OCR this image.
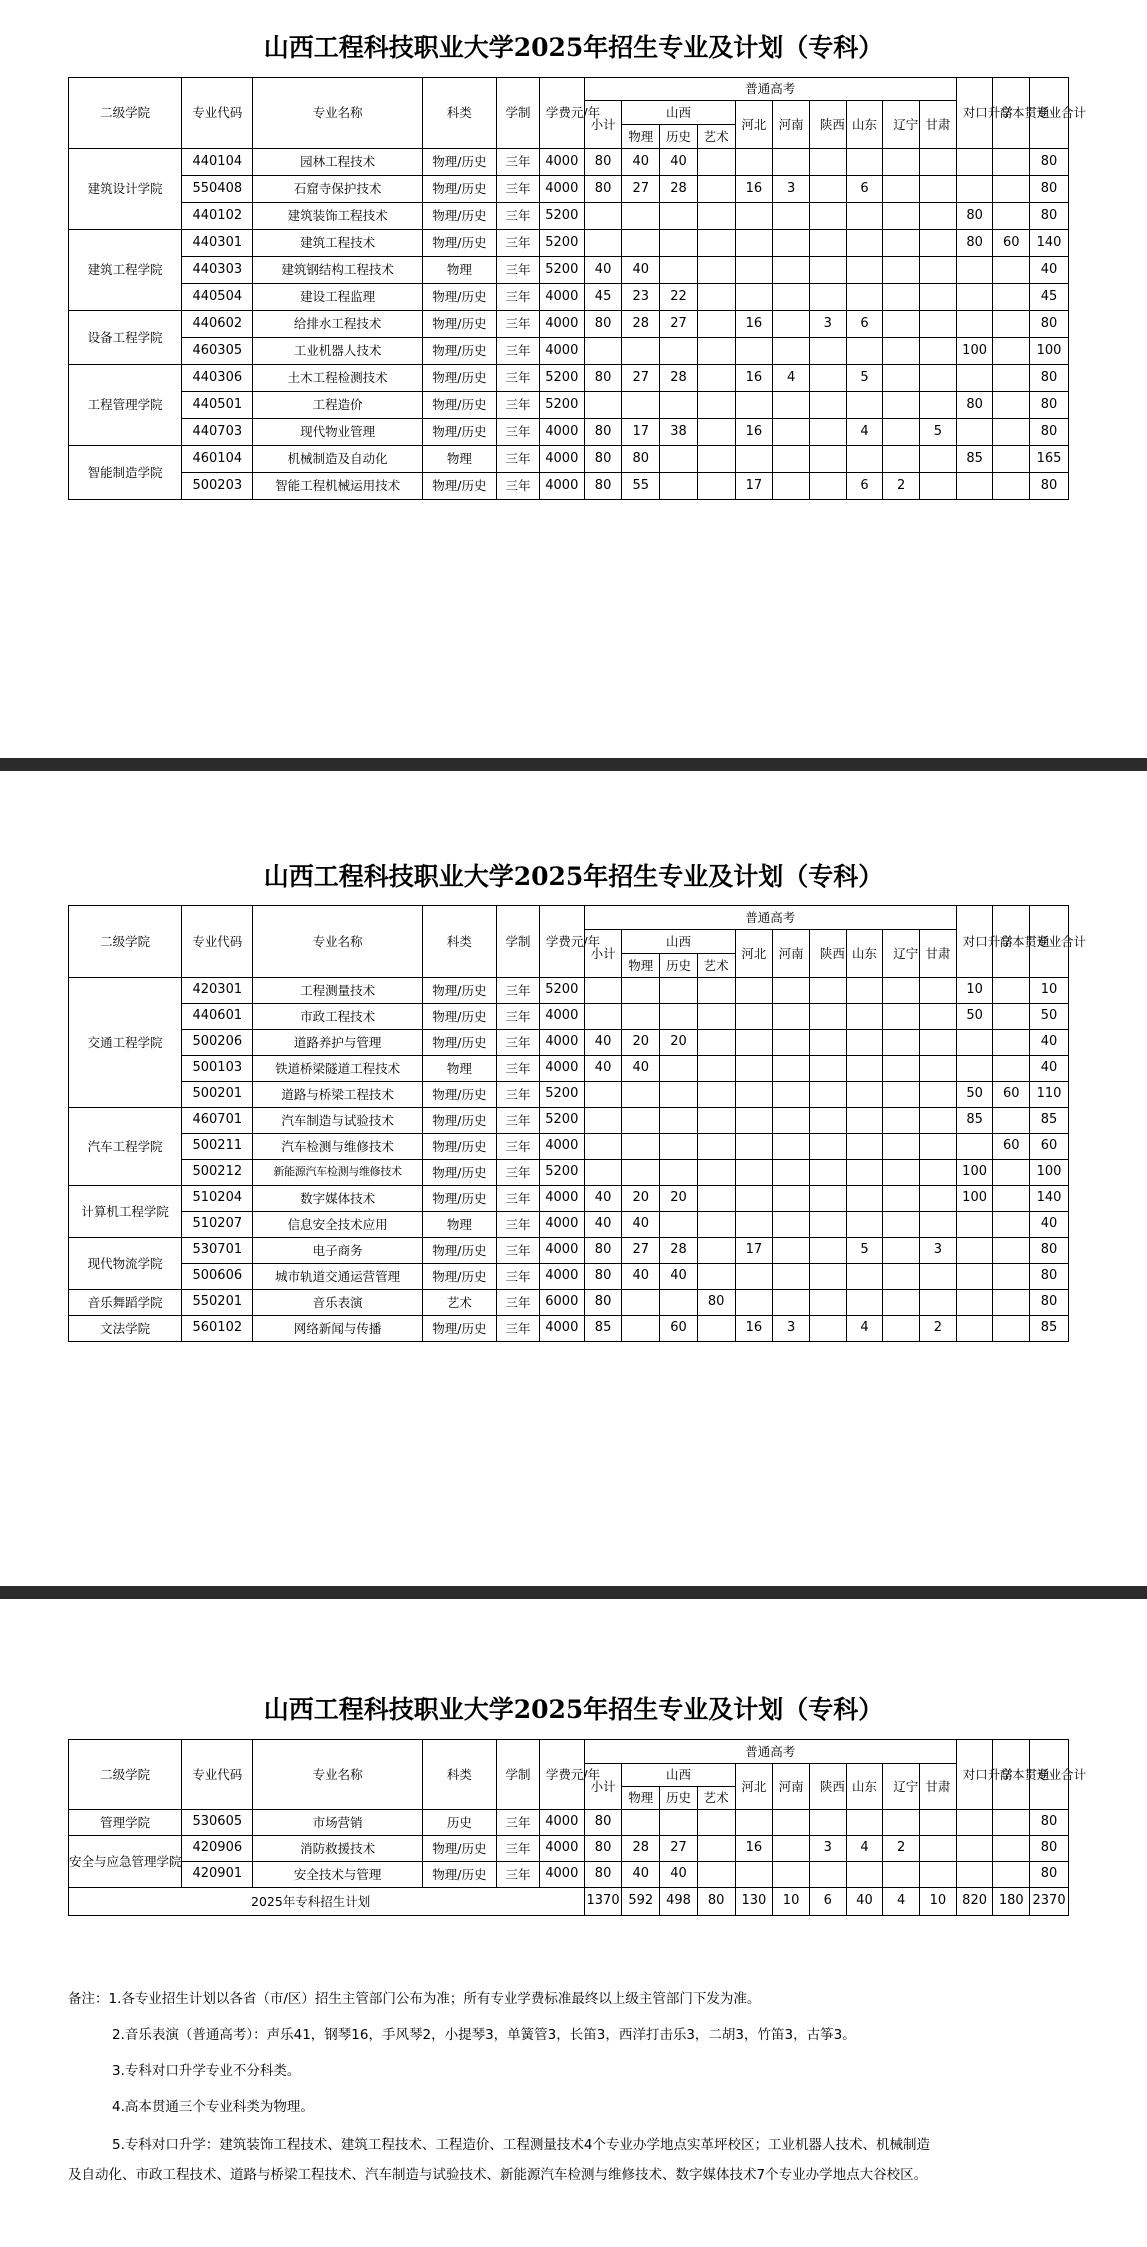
山西工程科技职业大学2025年招生专业及计划（专科）
二级学院	专业代码	专业名称	科类	学制	学费元/年	普通高考										对口升学	高本贯通	专业合计
						小计	山西			河北	河南	陕西	山东	辽宁	甘肃			
							物理	历史	艺术									
建筑设计学院	440104	园林工程技术	物理/历史	三年	4000	80	40	40										80
	550408	石窟寺保护技术	物理/历史	三年	4000	80	27	28		16	3		6					80
	440102	建筑装饰工程技术	物理/历史	三年	5200											80		80
建筑工程学院	440301	建筑工程技术	物理/历史	三年	5200											80	60	140
	440303	建筑钢结构工程技术	物理	三年	5200	40	40											40
	440504	建设工程监理	物理/历史	三年	4000	45	23	22										45
设备工程学院	440602	给排水工程技术	物理/历史	三年	4000	80	28	27		16		3	6					80
	460305	工业机器人技术	物理/历史	三年	4000											100		100
工程管理学院	440306	土木工程检测技术	物理/历史	三年	5200	80	27	28		16	4		5					80
	440501	工程造价	物理/历史	三年	5200											80		80
	440703	现代物业管理	物理/历史	三年	4000	80	17	38		16			4		5			80
智能制造学院	460104	机械制造及自动化	物理	三年	4000	80	80									85		165
	500203	智能工程机械运用技术	物理/历史	三年	4000	80	55			17			6	2				80
山西工程科技职业大学2025年招生专业及计划（专科）
二级学院	专业代码	专业名称	科类	学制	学费元/年	普通高考										对口升学	高本贯通	专业合计
						小计	山西			河北	河南	陕西	山东	辽宁	甘肃			
							物理	历史	艺术									
交通工程学院	420301	工程测量技术	物理/历史	三年	5200											10		10
	440601	市政工程技术	物理/历史	三年	4000											50		50
	500206	道路养护与管理	物理/历史	三年	4000	40	20	20										40
	500103	铁道桥梁隧道工程技术	物理	三年	4000	40	40											40
	500201	道路与桥梁工程技术	物理/历史	三年	5200											50	60	110
汽车工程学院	460701	汽车制造与试验技术	物理/历史	三年	5200											85		85
	500211	汽车检测与维修技术	物理/历史	三年	4000												60	60
	500212	新能源汽车检测与维修技术	物理/历史	三年	5200											100		100
计算机工程学院	510204	数字媒体技术	物理/历史	三年	4000	40	20	20								100		140
	510207	信息安全技术应用	物理	三年	4000	40	40											40
现代物流学院	530701	电子商务	物理/历史	三年	4000	80	27	28		17			5		3			80
	500606	城市轨道交通运营管理	物理/历史	三年	4000	80	40	40										80
音乐舞蹈学院	550201	音乐表演	艺术	三年	6000	80			80									80
文法学院	560102	网络新闻与传播	物理/历史	三年	4000	85		60		16	3		4		2			85
山西工程科技职业大学2025年招生专业及计划（专科）
二级学院	专业代码	专业名称	科类	学制	学费元/年	普通高考										对口升学	高本贯通	专业合计
						小计	山西			河北	河南	陕西	山东	辽宁	甘肃			
							物理	历史	艺术									
管理学院	530605	市场营销	历史	三年	4000	80												80
安全与应急管理学院	420906	消防救援技术	物理/历史	三年	4000	80	28	27		16		3	4	2				80
	420901	安全技术与管理	物理/历史	三年	4000	80	40	40										80
2025年专科招生计划						1370	592	498	80	130	10	6	40	4	10	820	180	2370
备注：1.各专业招生计划以各省（市/区）招生主管部门公布为准；所有专业学费标准最终以上级主管部门下发为准。
2.音乐表演（普通高考）：声乐41，钢琴16，手风琴2，小提琴3，单簧管3，长笛3，西洋打击乐3，二胡3，竹笛3，古筝3。
3.专科对口升学专业不分科类。
4.高本贯通三个专业科类为物理。
5.专科对口升学：建筑装饰工程技术、建筑工程技术、工程造价、工程测量技术4个专业办学地点实革坪校区；工业机器人技术、机械制造
及自动化、市政工程技术、道路与桥梁工程技术、汽车制造与试验技术、新能源汽车检测与维修技术、数字媒体技术7个专业办学地点大谷校区。
